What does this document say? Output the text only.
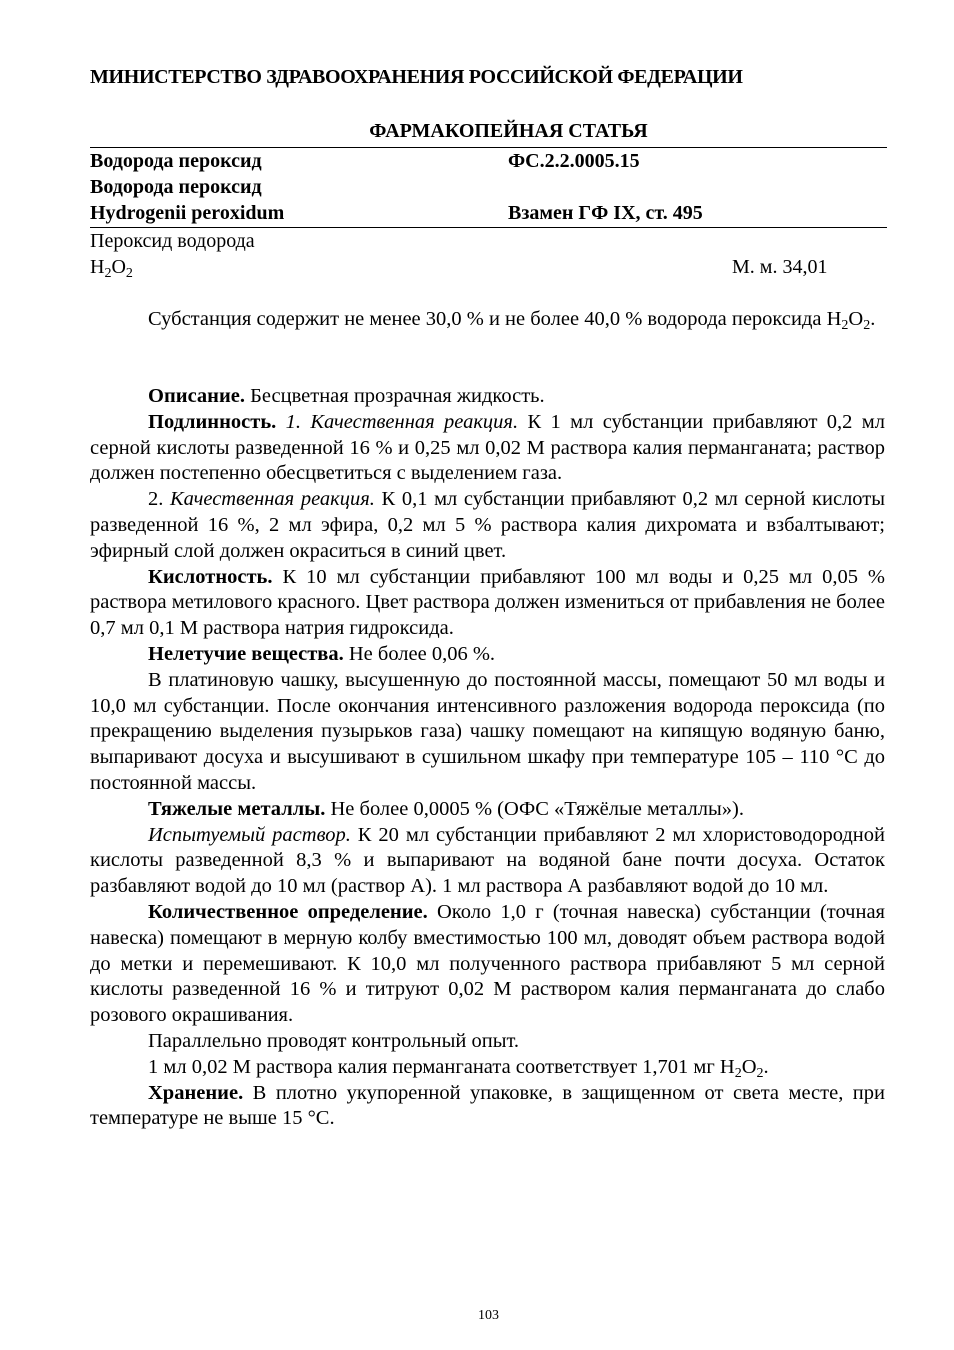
МИНИСТЕРСТВО ЗДРАВООХРАНЕНИЯ РОССИЙСКОЙ ФЕДЕРАЦИИ
ФАРМАКОПЕЙНАЯ СТАТЬЯ
Водорода пероксид	ФС.2.2.0005.15
Водорода пероксид
Hydrogenii peroxidum	Взамен ГФ IX, ст. 495
Пероксид водорода
$H_2O_2$	М. м. 34,01

Субстанция содержит не менее 30,0 % и не более 40,0 % водорода пероксида $H_2O_2$.

Описание. Бесцветная прозрачная жидкость.

Подлинность. 1. Качественная реакция. К 1 мл субстанции прибавляют 0,2 мл серной кислоты разведенной 16 % и 0,25 мл 0,02 М раствора калия перманганата; раствор должен постепенно обесцветиться с выделением газа.

2. Качественная реакция. К 0,1 мл субстанции прибавляют 0,2 мл серной кислоты разведенной 16 %, 2 мл эфира, 0,2 мл 5 % раствора калия дихромата и взбалтывают; эфирный слой должен окраситься в синий цвет.

Кислотность. К 10 мл субстанции прибавляют 100 мл воды и 0,25 мл 0,05 % раствора метилового красного. Цвет раствора должен измениться от прибавления не более 0,7 мл 0,1 М раствора натрия гидроксида.

Нелетучие вещества. Не более 0,06 %.

В платиновую чашку, высушенную до постоянной массы, помещают 50 мл воды и 10,0 мл субстанции. После окончания интенсивного разложения водорода пероксида (по прекращению выделения пузырьков газа) чашку помещают на кипящую водяную баню, выпаривают досуха и высушивают в сушильном шкафу при температуре 105 – 110 °С до постоянной массы.

Тяжелые металлы. Не более 0,0005 % (ОФС «Тяжёлые металлы»).

Испытуемый раствор. К 20 мл субстанции прибавляют 2 мл хлористоводородной кислоты разведенной 8,3 % и выпаривают на водяной бане почти досуха. Остаток разбавляют водой до 10 мл (раствор А). 1 мл раствора А разбавляют водой до 10 мл.

Количественное определение. Около 1,0 г (точная навеска) субстанции (точная навеска) помещают в мерную колбу вместимостью 100 мл, доводят объем раствора водой до метки и перемешивают. К 10,0 мл полученного раствора прибавляют 5 мл серной кислоты разведенной 16 % и титруют 0,02 М раствором калия перманганата до слабо розового окрашивания.

Параллельно проводят контрольный опыт.

1 мл 0,02 М раствора калия перманганата соответствует 1,701 мг $H_2O_2$.

Хранение. В плотно укупоренной упаковке, в защищенном от света месте, при температуре не выше 15 °С.

103
